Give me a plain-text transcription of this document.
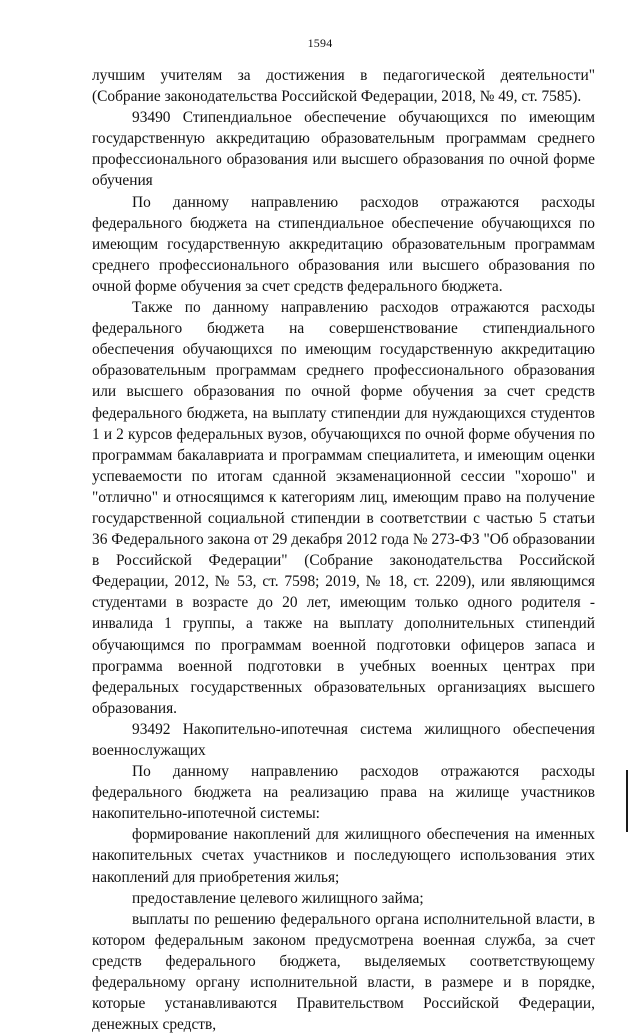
1594

лучшим учителям за достижения в педагогической деятельности" (Собрание законодательства Российской Федерации, 2018, № 49, ст. 7585).

93490 Стипендиальное обеспечение обучающихся по имеющим государственную аккредитацию образовательным программам среднего профессионального образования или высшего образования по очной форме обучения

По данному направлению расходов отражаются расходы федерального бюджета на стипендиальное обеспечение обучающихся по имеющим государственную аккредитацию образовательным программам среднего профессионального образования или высшего образования по очной форме обучения за счет средств федерального бюджета.

Также по данному направлению расходов отражаются расходы федерального бюджета на совершенствование стипендиального обеспечения обучающихся по имеющим государственную аккредитацию образовательным программам среднего профессионального образования или высшего образования по очной форме обучения за счет средств федерального бюджета, на выплату стипендии для нуждающихся студентов 1 и 2 курсов федеральных вузов, обучающихся по очной форме обучения по программам бакалавриата и программам специалитета, и имеющим оценки успеваемости по итогам сданной экзаменационной сессии "хорошо" и "отлично" и относящимся к категориям лиц, имеющим право на получение государственной социальной стипендии в соответствии с частью 5 статьи 36 Федерального закона от 29 декабря 2012 года № 273-ФЗ "Об образовании в Российской Федерации" (Собрание законодательства Российской Федерации, 2012, № 53, ст. 7598; 2019, № 18, ст. 2209), или являющимся студентами в возрасте до 20 лет, имеющим только одного родителя - инвалида 1 группы, а также на выплату дополнительных стипендий обучающимся по программам военной подготовки офицеров запаса и программа военной подготовки в учебных военных центрах при федеральных государственных образовательных организациях высшего образования.

93492 Накопительно-ипотечная система жилищного обеспечения военнослужащих

По данному направлению расходов отражаются расходы федерального бюджета на реализацию права на жилище участников накопительно-ипотечной системы:

формирование накоплений для жилищного обеспечения на именных накопительных счетах участников и последующего использования этих накоплений для приобретения жилья;

предоставление целевого жилищного займа;

выплаты по решению федерального органа исполнительной власти, в котором федеральным законом предусмотрена военная служба, за счет средств федерального бюджета, выделяемых соответствующему федеральному органу исполнительной власти, в размере и в порядке, которые устанавливаются Правительством Российской Федерации, денежных средств,
